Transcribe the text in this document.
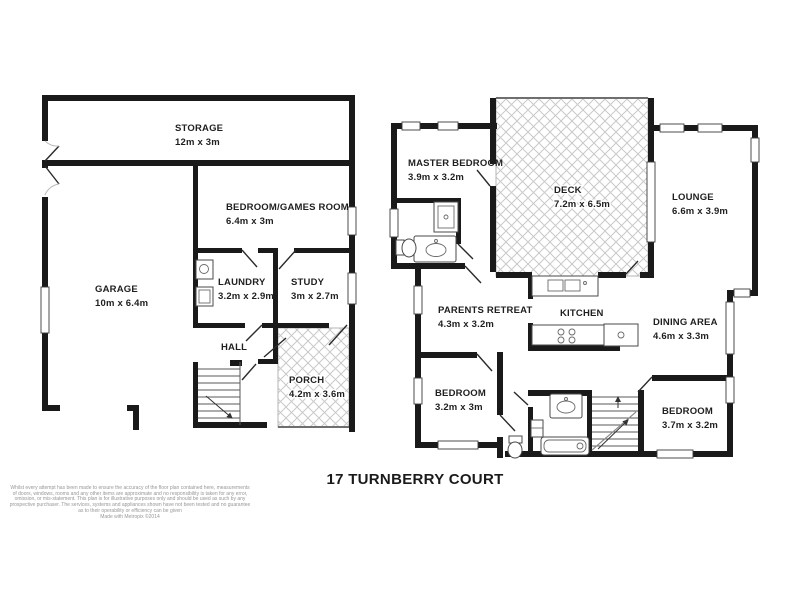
STORAGE
12m x 3m
BEDROOM/GAMES ROOM
6.4m x 3m
GARAGE
10m x 6.4m
LAUNDRY
3.2m x 2.9m
STUDY
3m x 2.7m
HALL
PORCH
4.2m x 3.6m
MASTER BEDROOM
3.9m x 3.2m
DECK
7.2m x 6.5m
LOUNGE
6.6m x 3.9m
PARENTS RETREAT
4.3m x 3.2m
KITCHEN
DINING AREA
4.6m x 3.3m
BEDROOM
3.2m x 3m	BEDROOM
3.7m x 3.2m
17 TURNBERRY COURT
Whilst every attempt has been made to ensure the accuracy of the floor plan contained here, measurements
of doors, windows, rooms and any other items are approximate and no responsibility is taken for any error,
omission, or mis-statement. This plan is for illustrative purposes only and should be used as such by any
prospective purchaser. The services, systems and appliances shown have not been tested and no guarantee
as to their operability or efficiency can be given
Made with Metropix ©2014
